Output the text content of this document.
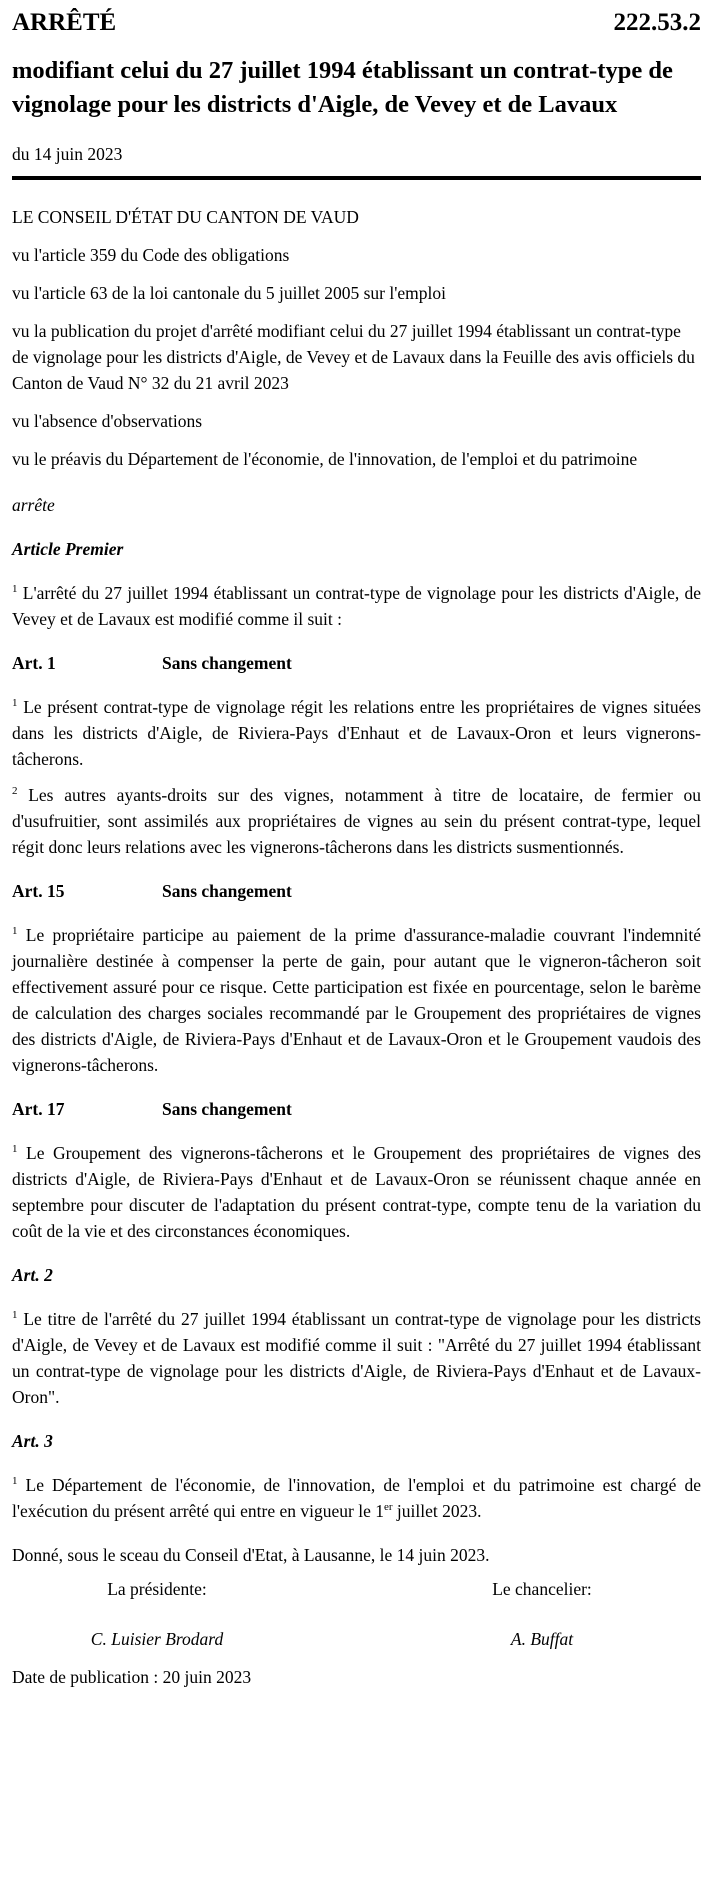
ARRÊTÉ	222.53.2
modifiant celui du 27 juillet 1994 établissant un contrat-type de vignolage pour les districts d'Aigle, de Vevey et de Lavaux
du 14 juin 2023

LE CONSEIL D'ÉTAT DU CANTON DE VAUD

vu l'article 359 du Code des obligations

vu l'article 63 de la loi cantonale du 5 juillet 2005 sur l'emploi

vu la publication du projet d'arrêté modifiant celui du 27 juillet 1994 établissant un contrat-type de vignolage pour les districts d'Aigle, de Vevey et de Lavaux dans la Feuille des avis officiels du Canton de Vaud N° 32 du 21 avril 2023

vu l'absence d'observations

vu le préavis du Département de l'économie, de l'innovation, de l'emploi et du patrimoine

arrête

Article Premier

$^1$ L'arrêté du 27 juillet 1994 établissant un contrat-type de vignolage pour les districts d'Aigle, de Vevey et de Lavaux est modifié comme il suit :

Art. 1	Sans changement

$^1$ Le présent contrat-type de vignolage régit les relations entre les propriétaires de vignes situées dans les districts d'Aigle, de Riviera-Pays d'Enhaut et de Lavaux-Oron et leurs vignerons-tâcherons.

$^2$ Les autres ayants-droits sur des vignes, notamment à titre de locataire, de fermier ou d'usufruitier, sont assimilés aux propriétaires de vignes au sein du présent contrat-type, lequel régit donc leurs relations avec les vignerons-tâcherons dans les districts susmentionnés.

Art. 15	Sans changement

$^1$ Le propriétaire participe au paiement de la prime d'assurance-maladie couvrant l'indemnité journalière destinée à compenser la perte de gain, pour autant que le vigneron-tâcheron soit effectivement assuré pour ce risque. Cette participation est fixée en pourcentage, selon le barème de calculation des charges sociales recommandé par le Groupement des propriétaires de vignes des districts d'Aigle, de Riviera-Pays d'Enhaut et de Lavaux-Oron et le Groupement vaudois des vignerons-tâcherons.

Art. 17	Sans changement

$^1$ Le Groupement des vignerons-tâcherons et le Groupement des propriétaires de vignes des districts d'Aigle, de Riviera-Pays d'Enhaut et de Lavaux-Oron se réunissent chaque année en septembre pour discuter de l'adaptation du présent contrat-type, compte tenu de la variation du coût de la vie et des circonstances économiques.

Art. 2

$^1$ Le titre de l'arrêté du 27 juillet 1994 établissant un contrat-type de vignolage pour les districts d'Aigle, de Vevey et de Lavaux est modifié comme il suit : "Arrêté du 27 juillet 1994 établissant un contrat-type de vignolage pour les districts d'Aigle, de Riviera-Pays d'Enhaut et de Lavaux-Oron".

Art. 3

$^1$ Le Département de l'économie, de l'innovation, de l'emploi et du patrimoine est chargé de l'exécution du présent arrêté qui entre en vigueur le 1er juillet 2023.

Donné, sous le sceau du Conseil d'Etat, à Lausanne, le 14 juin 2023.

La présidente:	Le chancelier:
C. Luisier Brodard	A. Buffat

Date de publication : 20 juin 2023
